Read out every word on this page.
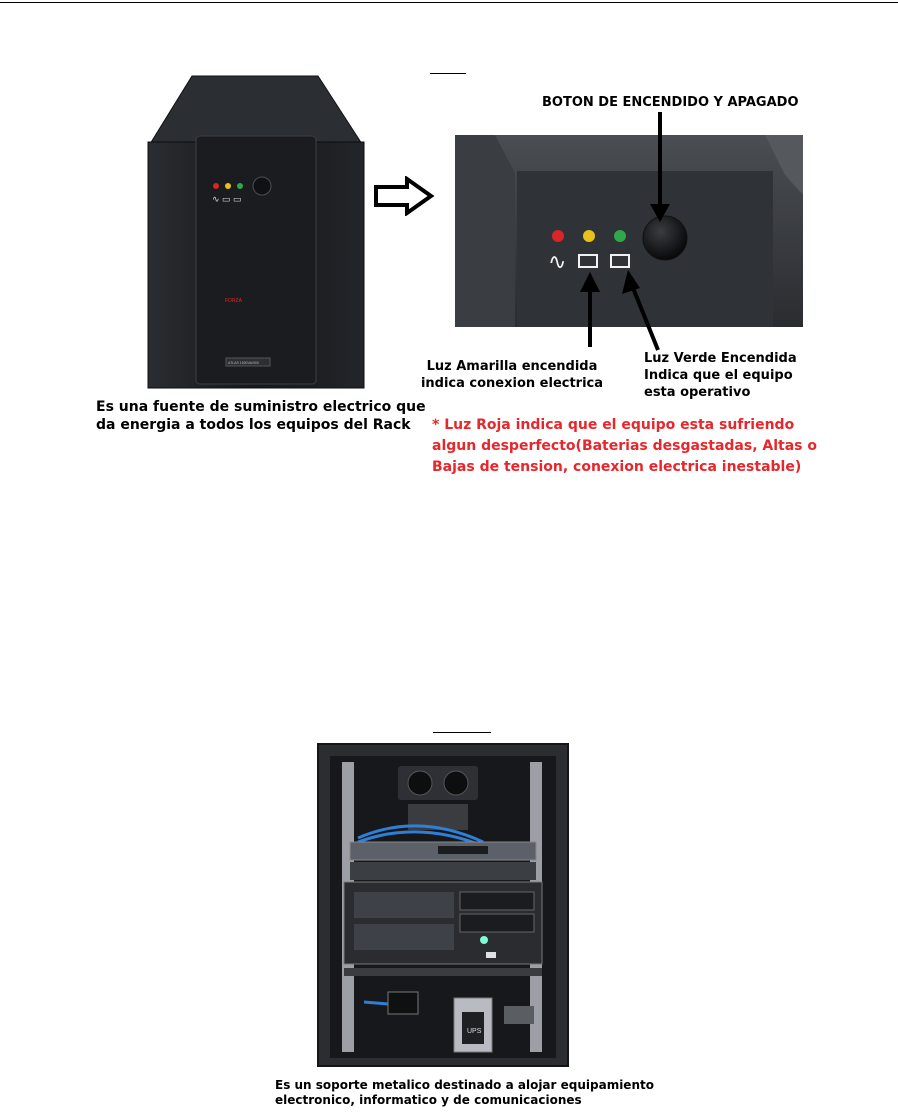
∿ ▭ ▭
FORZA
ATLAS 1500VA/900
∿
BOTON DE ENCENDIDO Y APAGADO
Luz Amarilla encendida
indica conexion electrica
Luz Verde Encendida
Indica que el equipo
esta operativo
Es una fuente de suministro electrico que
da energia a todos los equipos del Rack	* Luz Roja indica que el equipo esta sufriendo
algun desperfecto(Baterias desgastadas, Altas o
Bajas de tension, conexion electrica inestable)
UPS
Es un soporte metalico destinado a alojar equipamiento
electronico, informatico y de comunicaciones
